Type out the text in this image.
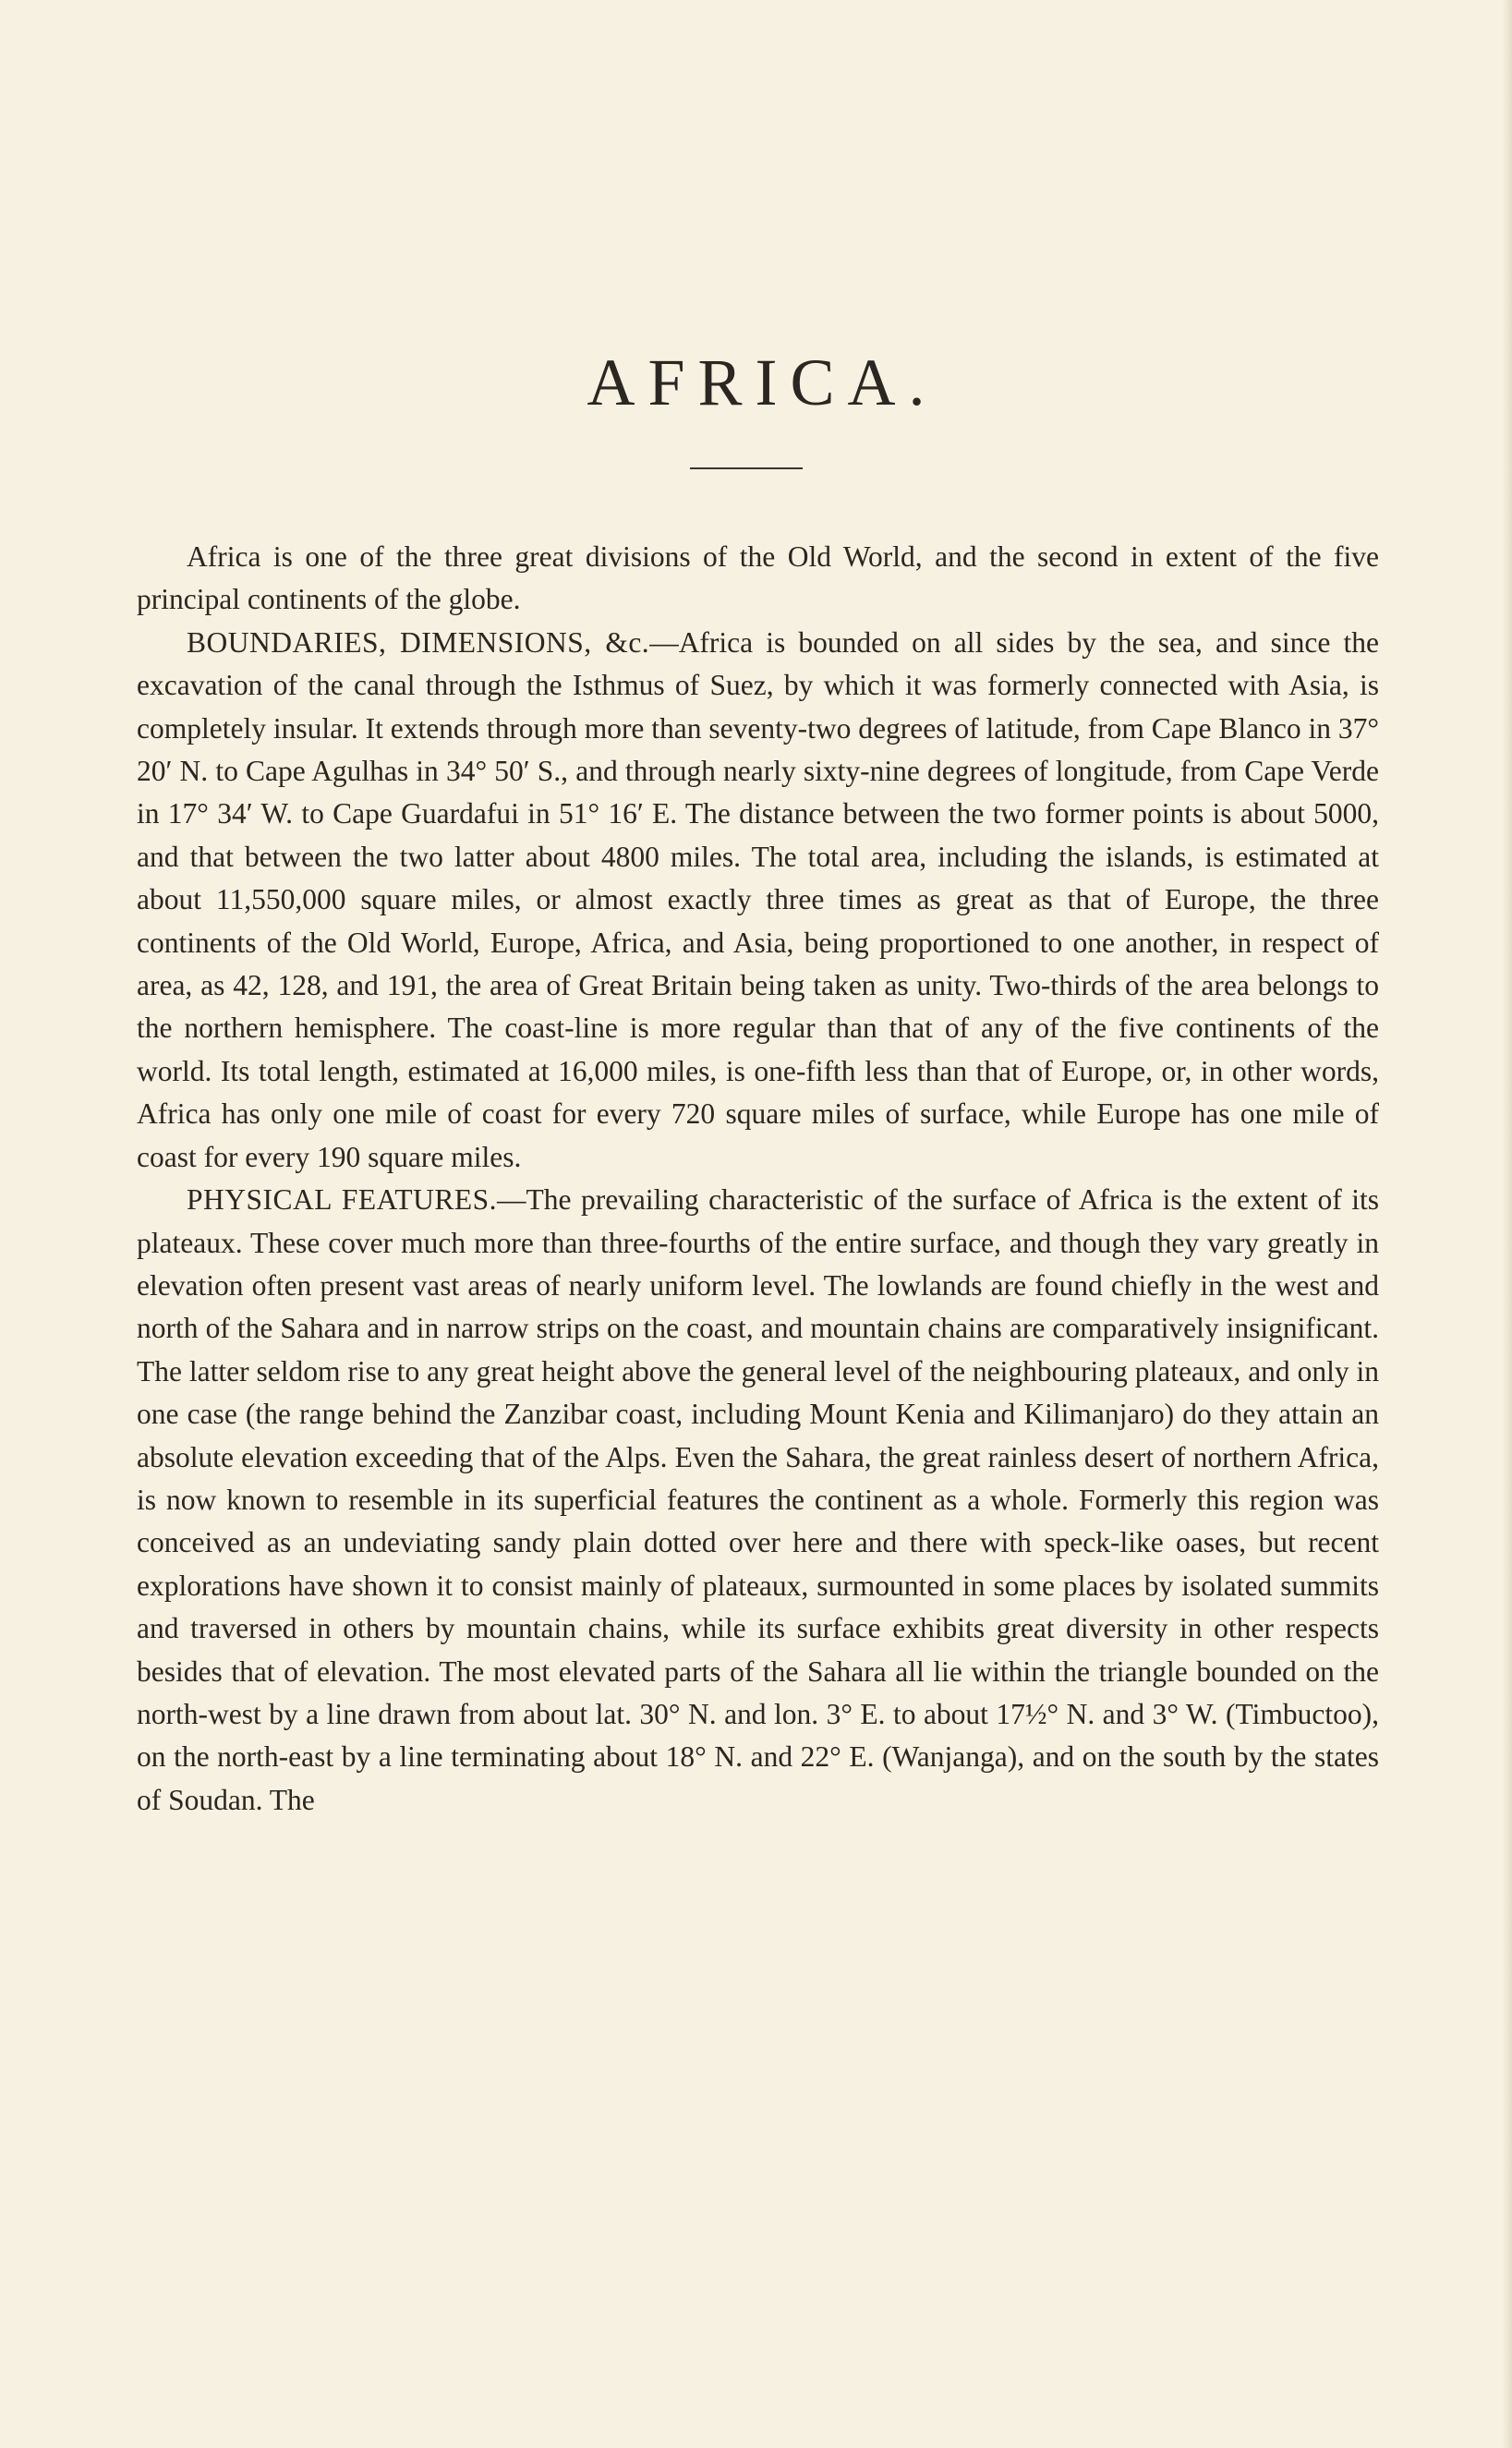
AFRICA.

Africa is one of the three great divisions of the Old World, and the second in extent of the five principal continents of the globe.

BOUNDARIES, DIMENSIONS, &c.—Africa is bounded on all sides by the sea, and since the excavation of the canal through the Isthmus of Suez, by which it was formerly connected with Asia, is completely insular. It extends through more than seventy-two degrees of latitude, from Cape Blanco in 37° 20′ N. to Cape Agulhas in 34° 50′ S., and through nearly sixty-nine degrees of longitude, from Cape Verde in 17° 34′ W. to Cape Guardafui in 51° 16′ E. The distance between the two former points is about 5000, and that between the two latter about 4800 miles. The total area, including the islands, is estimated at about 11,550,000 square miles, or almost exactly three times as great as that of Europe, the three continents of the Old World, Europe, Africa, and Asia, being proportioned to one another, in respect of area, as 42, 128, and 191, the area of Great Britain being taken as unity. Two-thirds of the area belongs to the northern hemisphere. The coast-line is more regular than that of any of the five continents of the world. Its total length, estimated at 16,000 miles, is one-fifth less than that of Europe, or, in other words, Africa has only one mile of coast for every 720 square miles of surface, while Europe has one mile of coast for every 190 square miles.

PHYSICAL FEATURES.—The prevailing characteristic of the surface of Africa is the extent of its plateaux. These cover much more than three-fourths of the entire surface, and though they vary greatly in elevation often present vast areas of nearly uniform level. The lowlands are found chiefly in the west and north of the Sahara and in narrow strips on the coast, and mountain chains are comparatively insignificant. The latter seldom rise to any great height above the general level of the neighbouring plateaux, and only in one case (the range behind the Zanzibar coast, including Mount Kenia and Kilimanjaro) do they attain an absolute elevation exceeding that of the Alps. Even the Sahara, the great rainless desert of northern Africa, is now known to resemble in its superficial features the continent as a whole. Formerly this region was conceived as an undeviating sandy plain dotted over here and there with speck-like oases, but recent explorations have shown it to consist mainly of plateaux, surmounted in some places by isolated summits and traversed in others by mountain chains, while its surface exhibits great diversity in other respects besides that of elevation. The most elevated parts of the Sahara all lie within the triangle bounded on the north-west by a line drawn from about lat. 30° N. and lon. 3° E. to about 17½° N. and 3° W. (Timbuctoo), on the north-east by a line terminating about 18° N. and 22° E. (Wanjanga), and on the south by the states of Soudan. The
